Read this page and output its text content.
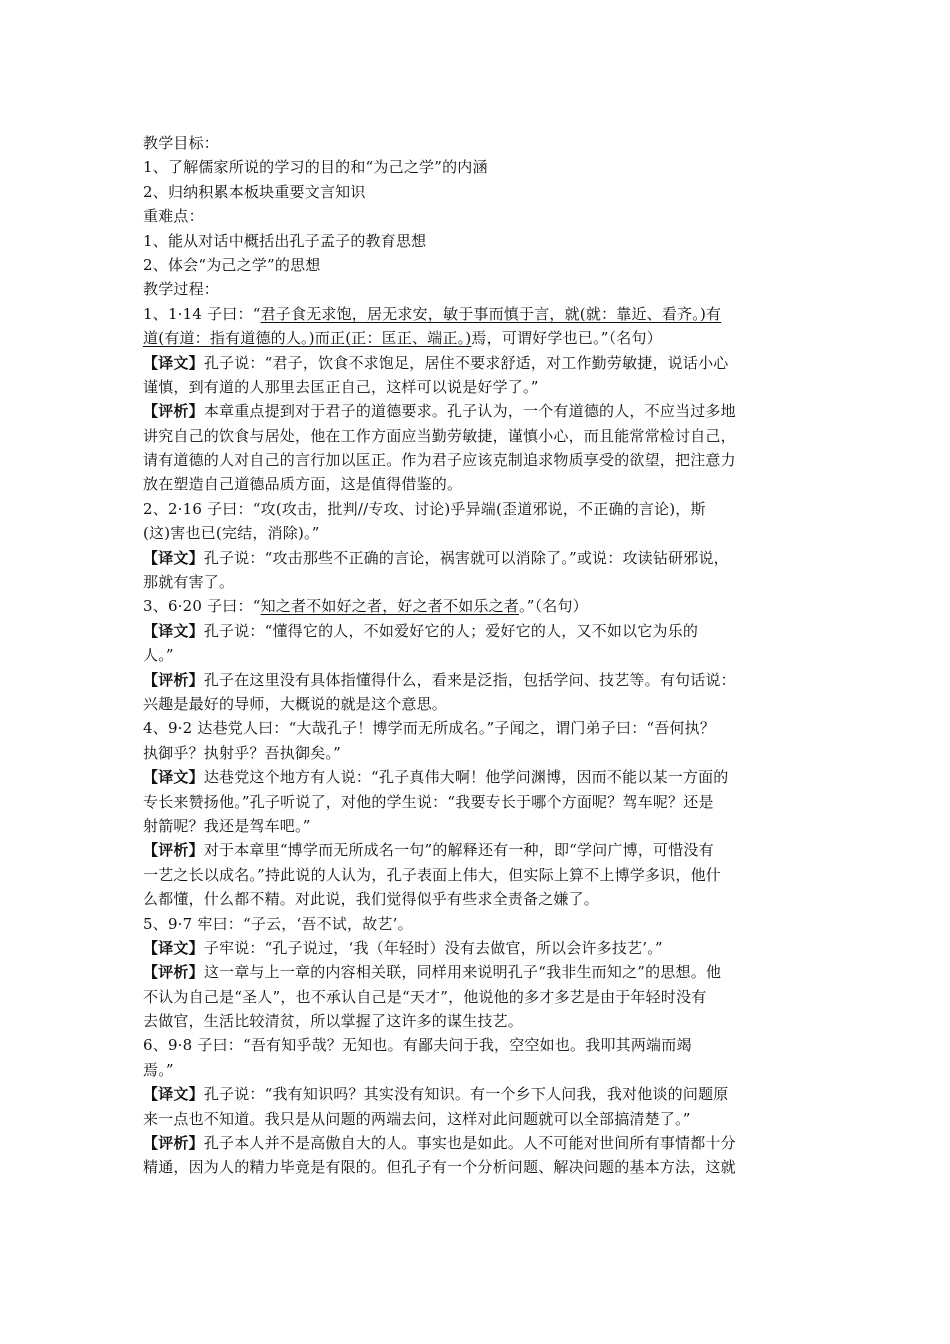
教学目标：
1、了解儒家所说的学习的目的和“为己之学”的内涵
2、归纳积累本板块重要文言知识
重难点：
1、能从对话中概括出孔子孟子的教育思想
2、体会“为己之学”的思想
教学过程：
1、1·14 子曰：“君子食无求饱，居无求安，敏于事而慎于言，就(就：靠近、看齐。)有
道(有道：指有道德的人。)而正(正：匡正、端正。)焉，可谓好学也已。”（名句）
【译文】孔子说：“君子，饮食不求饱足，居住不要求舒适，对工作勤劳敏捷，说话小心
谨慎，到有道的人那里去匡正自己，这样可以说是好学了。”
【评析】本章重点提到对于君子的道德要求。孔子认为，一个有道德的人，不应当过多地
讲究自己的饮食与居处，他在工作方面应当勤劳敏捷，谨慎小心，而且能常常检讨自己，
请有道德的人对自己的言行加以匡正。作为君子应该克制追求物质享受的欲望，把注意力
放在塑造自己道德品质方面，这是值得借鉴的。
2、2·16 子曰：“攻(攻击，批判//专攻、讨论)乎异端(歪道邪说，不正确的言论)，斯
(这)害也已(完结，消除)。”
【译文】孔子说：“攻击那些不正确的言论，祸害就可以消除了。”或说：攻读钻研邪说，
那就有害了。
3、6·20 子曰：“知之者不如好之者，好之者不如乐之者。”（名句）
【译文】孔子说：“懂得它的人，不如爱好它的人；爱好它的人，又不如以它为乐的
人。”
【评析】孔子在这里没有具体指懂得什么，看来是泛指，包括学问、技艺等。有句话说：
兴趣是最好的导师，大概说的就是这个意思。
4、9·2 达巷党人曰：“大哉孔子！博学而无所成名。”子闻之，谓门弟子曰：“吾何执？
执御乎？执射乎？吾执御矣。”
【译文】达巷党这个地方有人说：“孔子真伟大啊！他学问渊博，因而不能以某一方面的
专长来赞扬他。”孔子听说了，对他的学生说：“我要专长于哪个方面呢？驾车呢？还是
射箭呢？我还是驾车吧。”
【评析】对于本章里“博学而无所成名一句”的解释还有一种，即“学问广博，可惜没有
一艺之长以成名。”持此说的人认为，孔子表面上伟大，但实际上算不上博学多识，他什
么都懂，什么都不精。对此说，我们觉得似乎有些求全责备之嫌了。
5、9·7 牢曰：“子云，‘吾不试，故艺’。
【译文】子牢说：“孔子说过，‘我（年轻时）没有去做官，所以会许多技艺’。”
【评析】这一章与上一章的内容相关联，同样用来说明孔子“我非生而知之”的思想。他
不认为自己是“圣人”，也不承认自己是“天才”，他说他的多才多艺是由于年轻时没有
去做官，生活比较清贫，所以掌握了这许多的谋生技艺。
6、9·8 子曰：“吾有知乎哉？无知也。有鄙夫问于我，空空如也。我叩其两端而竭
焉。”
【译文】孔子说：“我有知识吗？其实没有知识。有一个乡下人问我，我对他谈的问题原
来一点也不知道。我只是从问题的两端去问，这样对此问题就可以全部搞清楚了。”
【评析】孔子本人并不是高傲自大的人。事实也是如此。人不可能对世间所有事情都十分
精通，因为人的精力毕竟是有限的。但孔子有一个分析问题、解决问题的基本方法，这就
